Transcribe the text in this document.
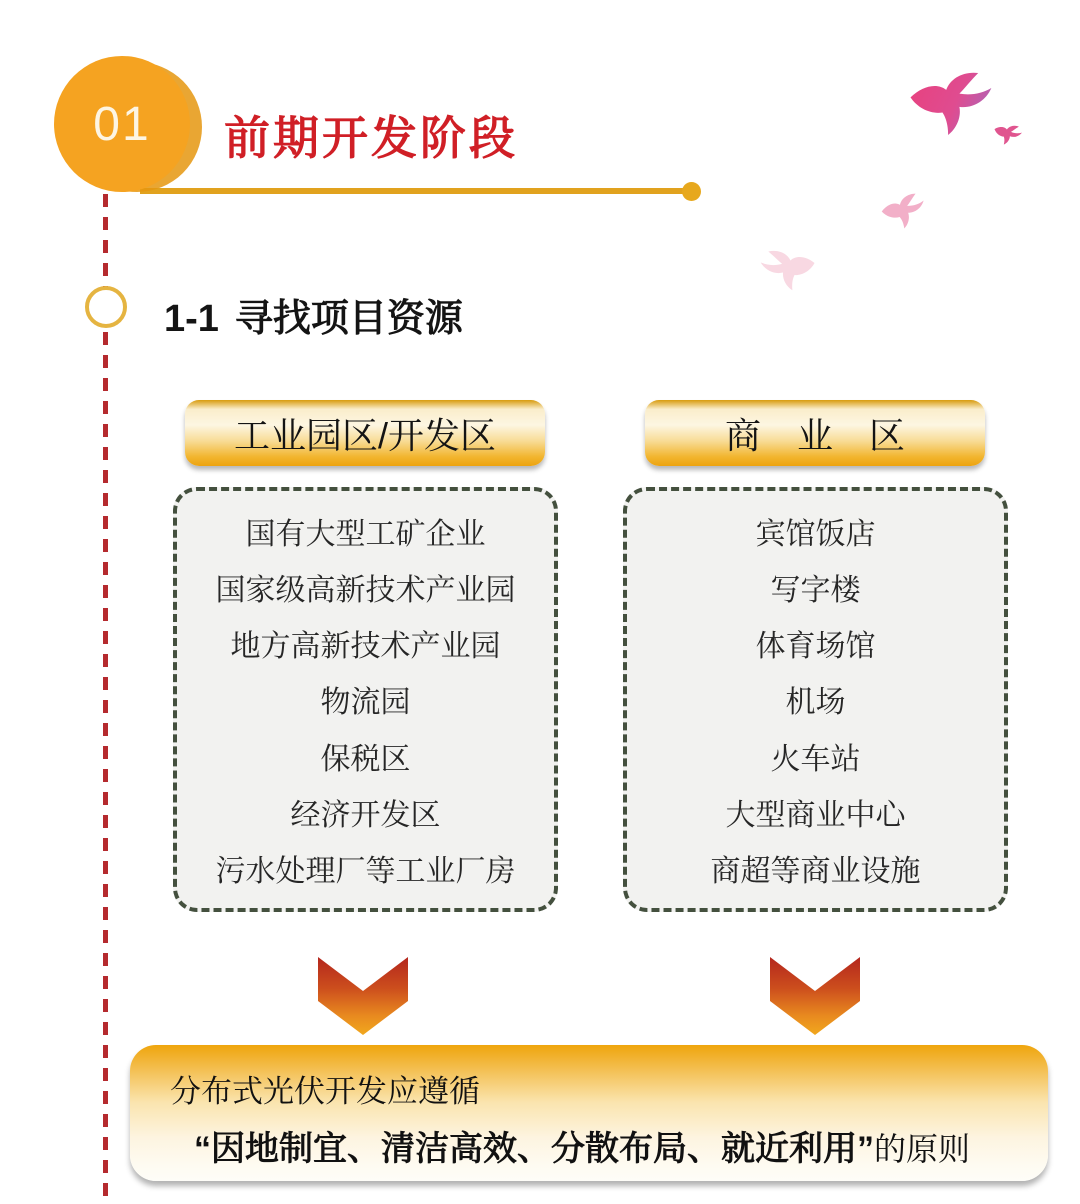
01 前期开发阶段
1-1 寻找项目资源
工业园区/开发区	商　业　区
国有大型工矿企业
国家级高新技术产业园
地方高新技术产业园
物流园
保税区
经济开发区
污水处理厂等工业厂房
宾馆饭店
写字楼
体育场馆
机场
火车站
大型商业中心
商超等商业设施
分布式光伏开发应遵循
“因地制宜、清洁高效、分散布局、就近利用”的原则
